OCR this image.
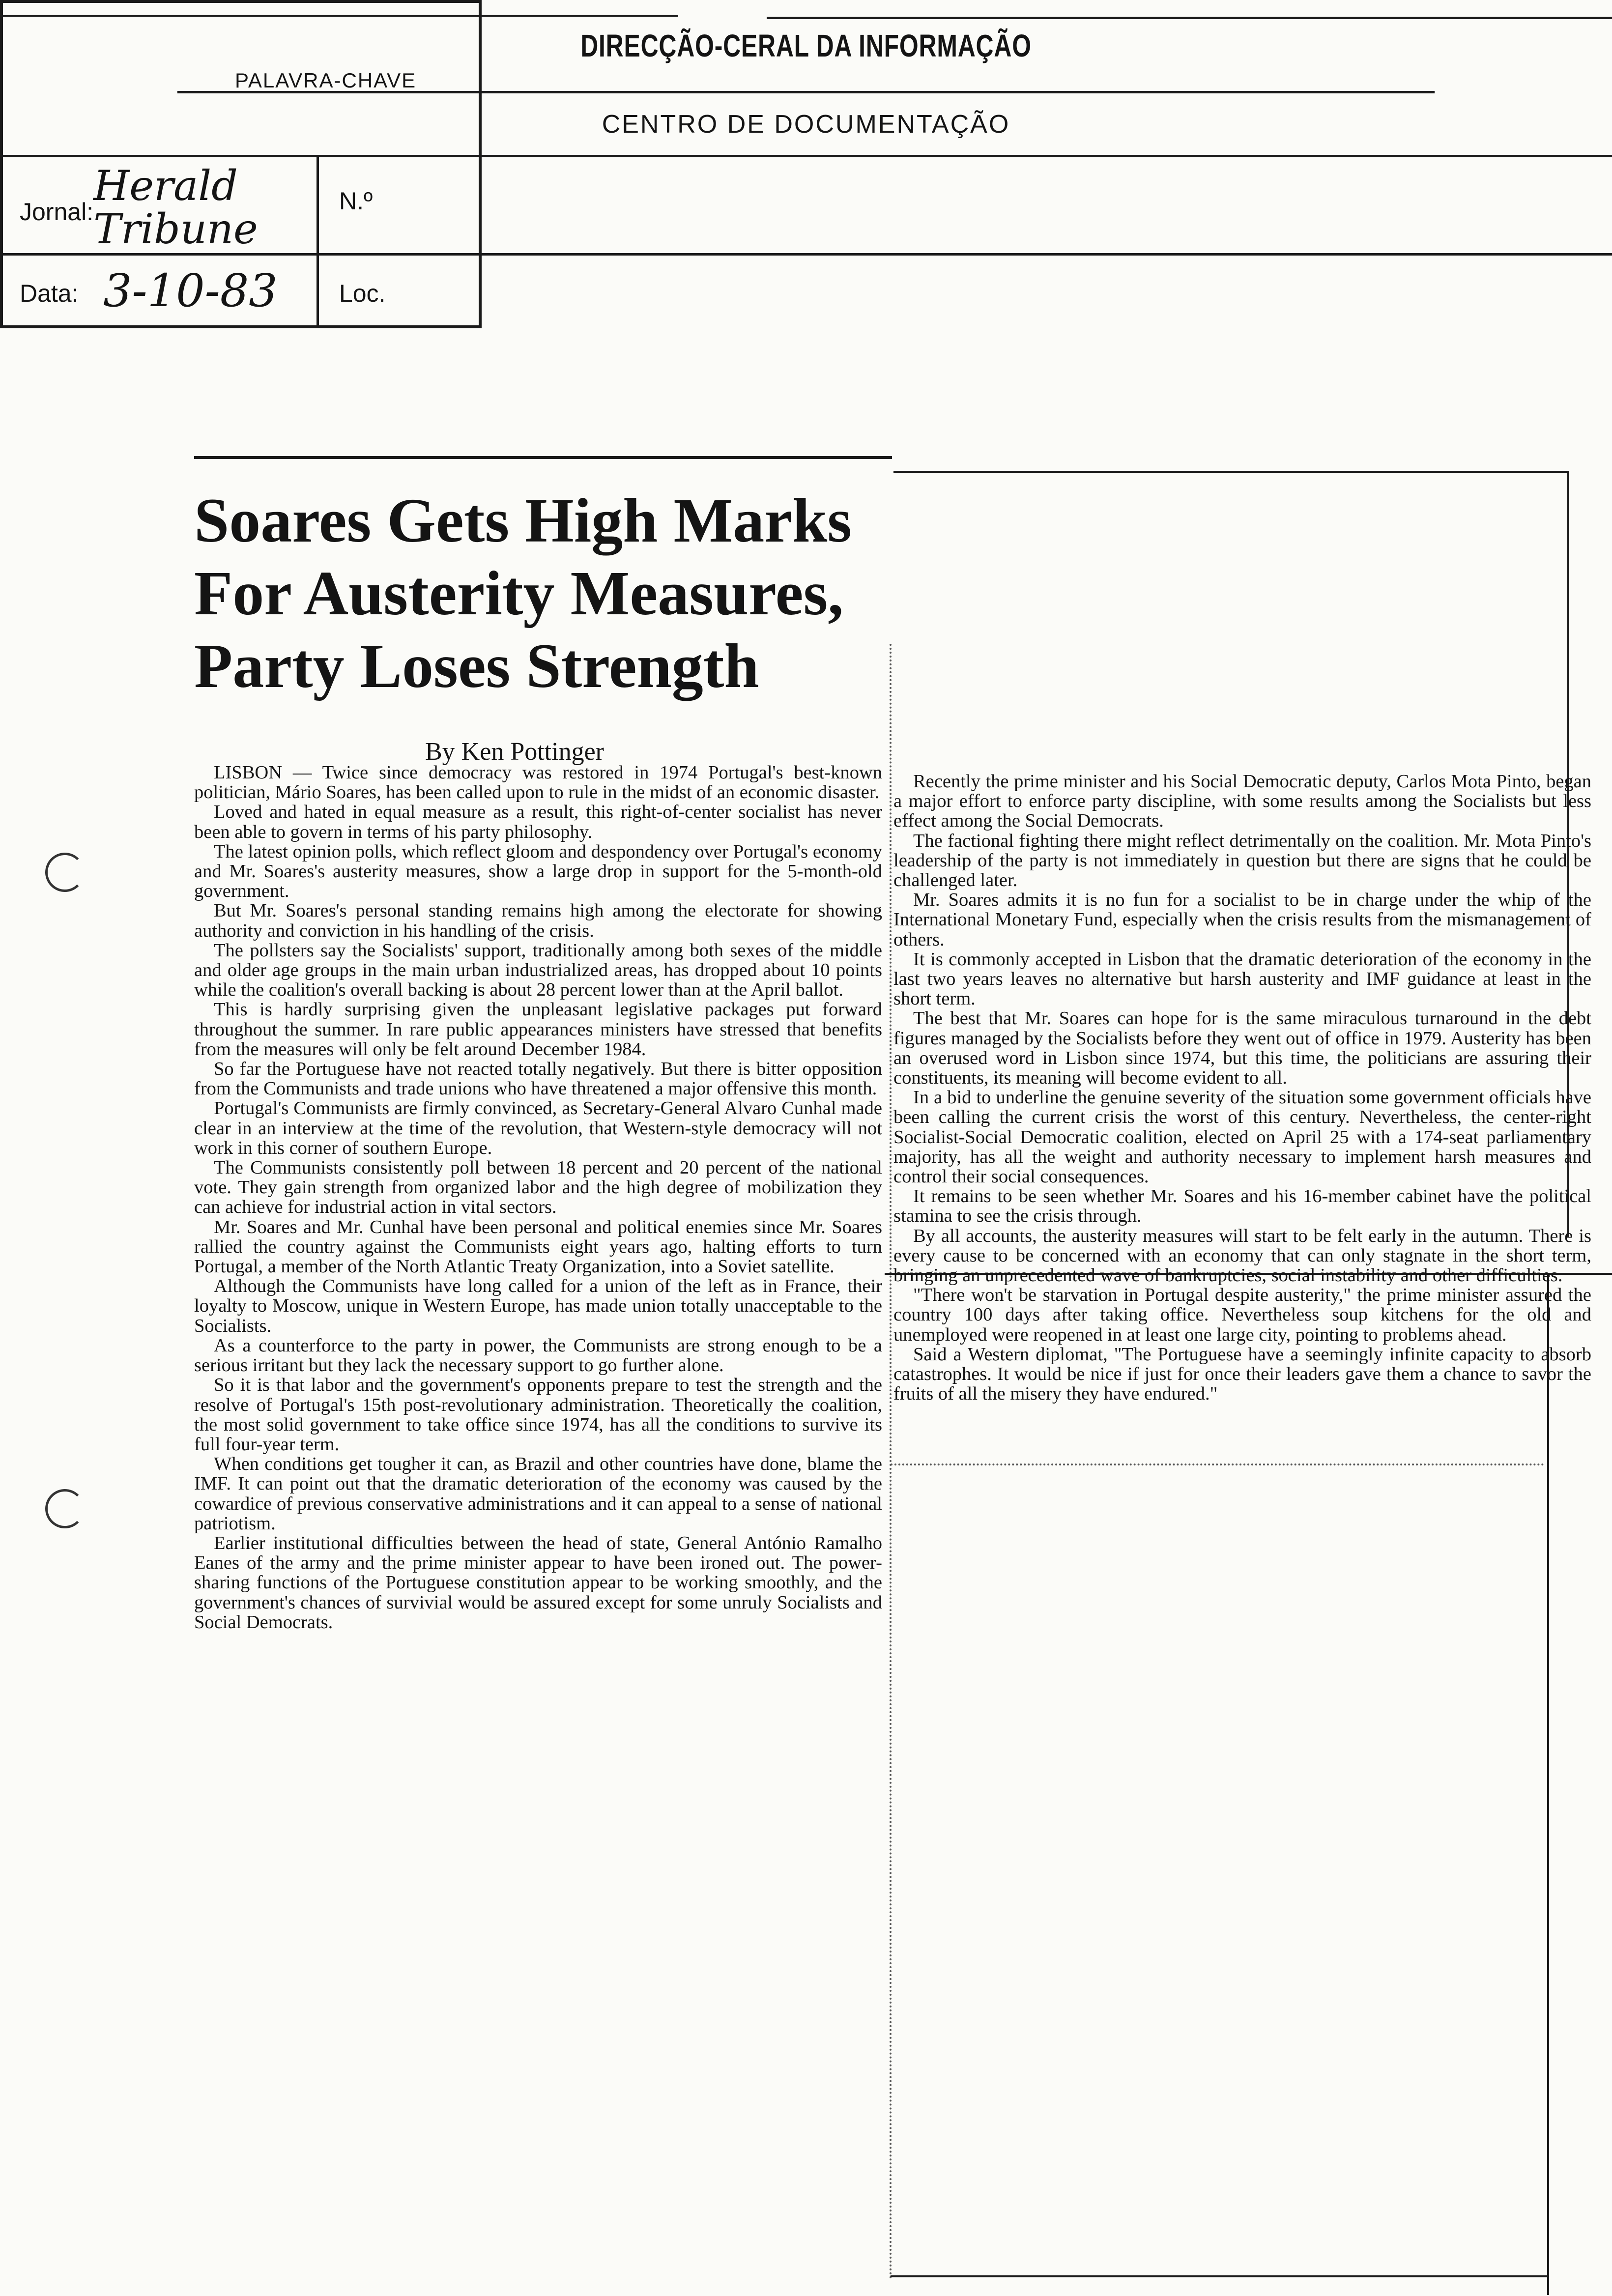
PALAVRA-CHAVE
DIRECÇÃO-CERAL DA INFORMAÇÃO
CENTRO DE DOCUMENTAÇÃO
Jornal:
Herald Tribune
N.º
Data: 3-10-83	Loc.
Soares Gets High Marks
For Austerity Measures,
Party Loses Strength
By Ken Pottinger

LISBON — Twice since democracy was restored in 1974 Portugal's best-known politician, Mário Soares, has been called upon to rule in the midst of an economic disaster.

Loved and hated in equal measure as a result, this right-of-center socialist has never been able to govern in terms of his party philosophy.

The latest opinion polls, which reflect gloom and despondency over Portugal's economy and Mr. Soares's austerity measures, show a large drop in support for the 5-month-old government.

But Mr. Soares's personal standing remains high among the electorate for showing authority and conviction in his handling of the crisis.

The pollsters say the Socialists' support, traditionally among both sexes of the middle and older age groups in the main urban industrialized areas, has dropped about 10 points while the coalition's overall backing is about 28 percent lower than at the April ballot.

This is hardly surprising given the unpleasant legislative packages put forward throughout the summer. In rare public appearances ministers have stressed that benefits from the measures will only be felt around December 1984.

So far the Portuguese have not reacted totally negatively. But there is bitter opposition from the Communists and trade unions who have threatened a major offensive this month.

Portugal's Communists are firmly convinced, as Secretary-General Alvaro Cunhal made clear in an interview at the time of the revolution, that Western-style democracy will not work in this corner of southern Europe.

The Communists consistently poll between 18 percent and 20 percent of the national vote. They gain strength from organized labor and the high degree of mobilization they can achieve for industrial action in vital sectors.

Mr. Soares and Mr. Cunhal have been personal and political enemies since Mr. Soares rallied the country against the Communists eight years ago, halting efforts to turn Portugal, a member of the North Atlantic Treaty Organization, into a Soviet satellite.

Although the Communists have long called for a union of the left as in France, their loyalty to Moscow, unique in Western Europe, has made union totally unacceptable to the Socialists.

As a counterforce to the party in power, the Communists are strong enough to be a serious irritant but they lack the necessary support to go further alone.

So it is that labor and the government's opponents prepare to test the strength and the resolve of Portugal's 15th post-revolutionary administration. Theoretically the coalition, the most solid government to take office since 1974, has all the conditions to survive its full four-year term.

When conditions get tougher it can, as Brazil and other countries have done, blame the IMF. It can point out that the dramatic deterioration of the economy was caused by the cowardice of previous conservative administrations and it can appeal to a sense of national patriotism.

Earlier institutional difficulties between the head of state, General António Ramalho Eanes of the army and the prime minister appear to have been ironed out. The power-sharing functions of the Portuguese constitution appear to be working smoothly, and the government's chances of survivial would be assured except for some unruly Socialists and Social Democrats.

Recently the prime minister and his Social Democratic deputy, Carlos Mota Pinto, began a major effort to enforce party discipline, with some results among the Socialists but less effect among the Social Democrats.

The factional fighting there might reflect detrimentally on the coalition. Mr. Mota Pinto's leadership of the party is not immediately in question but there are signs that he could be challenged later.

Mr. Soares admits it is no fun for a socialist to be in charge under the whip of the International Monetary Fund, especially when the crisis results from the mismanagement of others.

It is commonly accepted in Lisbon that the dramatic deterioration of the economy in the last two years leaves no alternative but harsh austerity and IMF guidance at least in the short term.

The best that Mr. Soares can hope for is the same miraculous turnaround in the debt figures managed by the Socialists before they went out of office in 1979. Austerity has been an overused word in Lisbon since 1974, but this time, the politicians are assuring their constituents, its meaning will become evident to all.

In a bid to underline the genuine severity of the situation some government officials have been calling the current crisis the worst of this century. Nevertheless, the center-right Socialist-Social Democratic coalition, elected on April 25 with a 174-seat parliamentary majority, has all the weight and authority necessary to implement harsh measures and control their social consequences.

It remains to be seen whether Mr. Soares and his 16-member cabinet have the political stamina to see the crisis through.

By all accounts, the austerity measures will start to be felt early in the autumn. There is every cause to be concerned with an economy that can only stagnate in the short term, bringing an unprecedented wave of bankruptcies, social instability and other difficulties.

"There won't be starvation in Portugal despite austerity," the prime minister assured the country 100 days after taking office. Nevertheless soup kitchens for the old and unemployed were reopened in at least one large city, pointing to problems ahead.

Said a Western diplomat, "The Portuguese have a seemingly infinite capacity to absorb catastrophes. It would be nice if just for once their leaders gave them a chance to savor the fruits of all the misery they have endured."
